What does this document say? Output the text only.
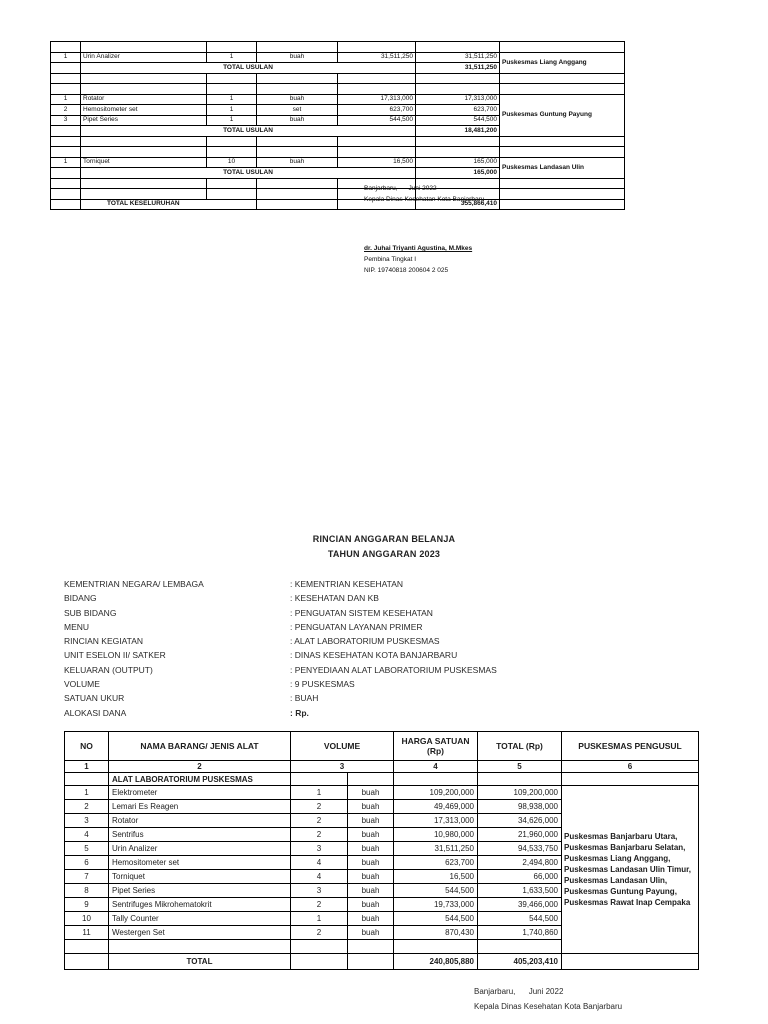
1	Urin Analizer	1	buah	31,511,250	31,511,250	Puskesmas Liang Anggang
	TOTAL USULAN				31,511,250	

1	Rotator	1	buah	17,313,000	17,313,000	Puskesmas Guntung Payung
2	Hemositometer set	1	set	623,700	623,700	
3	Pipet Series	1	buah	544,500	544,500	
	TOTAL USULAN				18,481,200	

1	Torniquet	10	buah	16,500	165,000	Puskesmas Landasan Ulin
	TOTAL USULAN				165,000	

	TOTAL KESELURUHAN				355,866,410	
Banjarbaru,      Juni 2022
Kepala Dinas Kesehatan Kota Banjarbaru
dr. Juhai Triyanti Agustina, M.Mkes
Pembina Tingkat I
NIP. 19740818 200604 2 025
RINCIAN ANGGARAN BELANJA
TAHUN ANGGARAN 2023
KEMENTRIAN NEGARA/ LEMBAGA	: KEMENTRIAN KESEHATAN
BIDANG	: KESEHATAN DAN KB
SUB BIDANG	: PENGUATAN SISTEM KESEHATAN
MENU	: PENGUATAN LAYANAN PRIMER
RINCIAN KEGIATAN	: ALAT LABORATORIUM PUSKESMAS
UNIT ESELON II/ SATKER	: DINAS KESEHATAN KOTA BANJARBARU
KELUARAN (OUTPUT)	: PENYEDIAAN ALAT LABORATORIUM PUSKESMAS
VOLUME	: 9 PUSKESMAS
SATUAN UKUR	: BUAH
ALOKASI DANA	: Rp.
NO	NAMA BARANG/ JENIS ALAT	VOLUME		HARGA SATUAN (Rp)	TOTAL (Rp)	PUSKESMAS PENGUSUL
1	2	3		4	5	6
	ALAT LABORATORIUM PUSKESMAS					
1	Elektrometer	1	buah	109,200,000	109,200,000	Puskesmas Banjarbaru Utara, Puskesmas Banjarbaru Selatan, Puskesmas Liang Anggang, Puskesmas Landasan Ulin Timur, Puskesmas Landasan Ulin, Puskesmas Guntung Payung, Puskesmas Rawat Inap Cempaka
2	Lemari Es Reagen	2	buah	49,469,000	98,938,000	
3	Rotator	2	buah	17,313,000	34,626,000	
4	Sentrifus	2	buah	10,980,000	21,960,000	
5	Urin Analizer	3	buah	31,511,250	94,533,750	
6	Hemositometer set	4	buah	623,700	2,494,800	
7	Torniquet	4	buah	16,500	66,000	
8	Pipet Series	3	buah	544,500	1,633,500	
9	Sentrifuges Mikrohematokrit	2	buah	19,733,000	39,466,000	
10	Tally Counter	1	buah	544,500	544,500	
11	Westergen Set	2	buah	870,430	1,740,860	

	TOTAL			240,805,880	405,203,410	
Banjarbaru,      Juni 2022
Kepala Dinas Kesehatan Kota Banjarbaru
